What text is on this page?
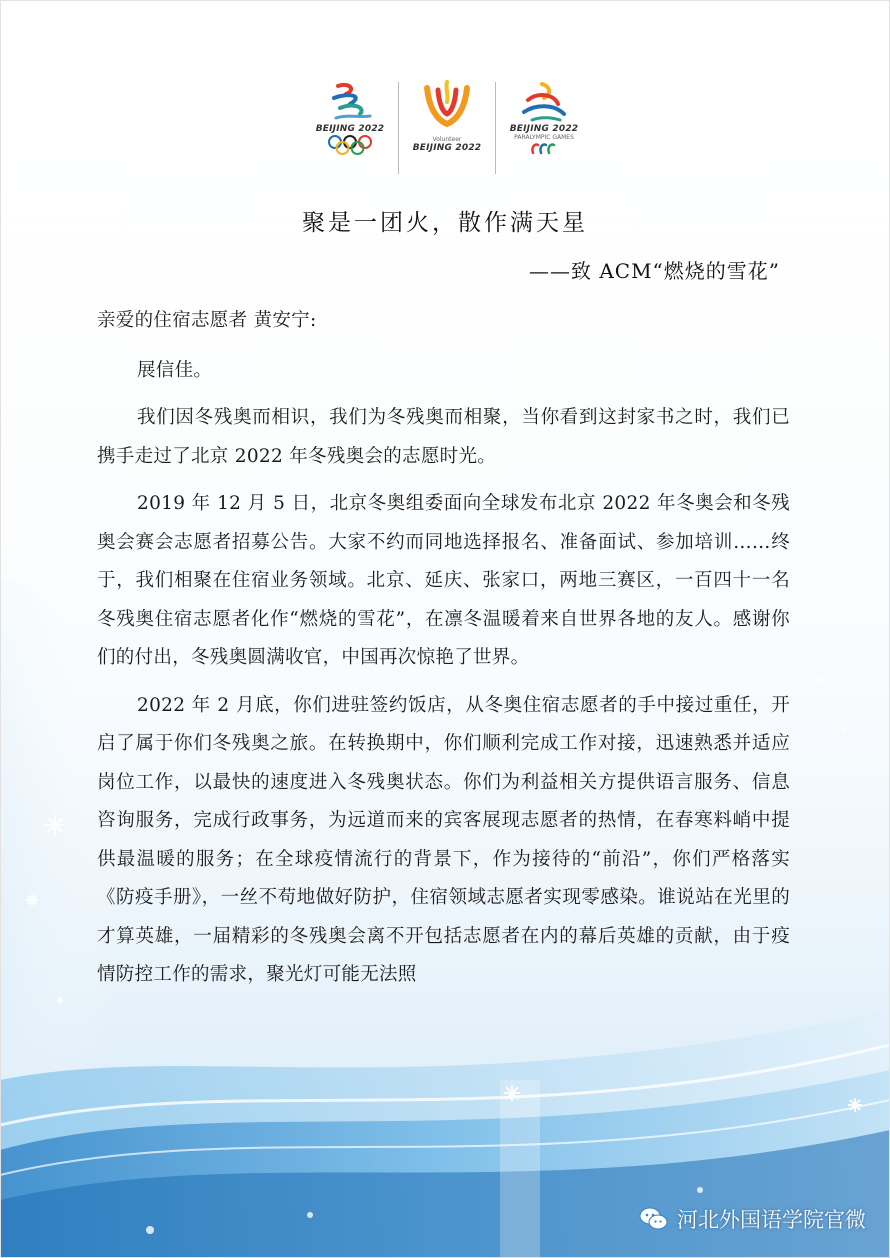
BEIJING 2022
Volunteer
BEIJING 2022
BEIJING 2022
PARALYMPIC GAMES
聚是一团火，散作满天星
——致 ACM“燃烧的雪花”

亲爱的住宿志愿者 黄安宁:

展信佳。

我们因冬残奥而相识，我们为冬残奥而相聚，当你看到这封家书之时，我们已携手走过了北京 2022 年冬残奥会的志愿时光。

2019 年 12 月 5 日，北京冬奥组委面向全球发布北京 2022 年冬奥会和冬残奥会赛会志愿者招募公告。大家不约而同地选择报名、准备面试、参加培训……终于，我们相聚在住宿业务领域。北京、延庆、张家口，两地三赛区，一百四十一名冬残奥住宿志愿者化作“燃烧的雪花”，在凛冬温暖着来自世界各地的友人。感谢你们的付出，冬残奥圆满收官，中国再次惊艳了世界。

2022 年 2 月底，你们进驻签约饭店，从冬奥住宿志愿者的手中接过重任，开启了属于你们冬残奥之旅。在转换期中，你们顺利完成工作对接，迅速熟悉并适应岗位工作，以最快的速度进入冬残奥状态。你们为利益相关方提供语言服务、信息咨询服务，完成行政事务，为远道而来的宾客展现志愿者的热情，在春寒料峭中提供最温暖的服务；在全球疫情流行的背景下，作为接待的“前沿”，你们严格落实《防疫手册》，一丝不苟地做好防护，住宿领域志愿者实现零感染。谁说站在光里的才算英雄，一届精彩的冬残奥会离不开包括志愿者在内的幕后英雄的贡献，由于疫情防控工作的需求，聚光灯可能无法照

河北外国语学院官微
